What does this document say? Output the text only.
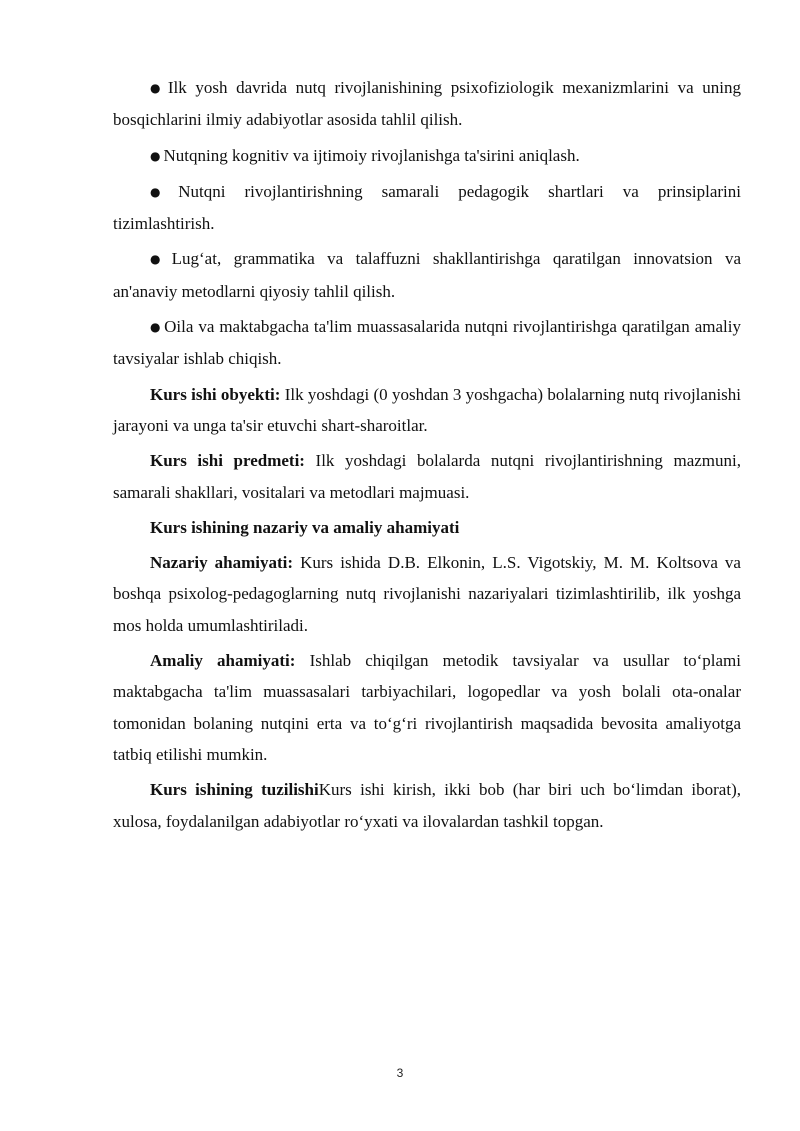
● Ilk yosh davrida nutq rivojlanishining psixofiziologik mexanizmlarini va uning bosqichlarini ilmiy adabiyotlar asosida tahlil qilish.

● Nutqning kognitiv va ijtimoiy rivojlanishga ta'sirini aniqlash.

● Nutqni rivojlantirishning samarali pedagogik shartlari va prinsiplarini tizimlashtirish.

● Lug‘at, grammatika va talaffuzni shakllantirishga qaratilgan innovatsion va an'anaviy metodlarni qiyosiy tahlil qilish.

● Oila va maktabgacha ta'lim muassasalarida nutqni rivojlantirishga qaratilgan amaliy tavsiyalar ishlab chiqish.

Kurs ishi obyekti: Ilk yoshdagi (0 yoshdan 3 yoshgacha) bolalarning nutq rivojlanishi jarayoni va unga ta'sir etuvchi shart-sharoitlar.

Kurs ishi predmeti: Ilk yoshdagi bolalarda nutqni rivojlantirishning mazmuni, samarali shakllari, vositalari va metodlari majmuasi.

Kurs ishining nazariy va amaliy ahamiyati

Nazariy ahamiyati: Kurs ishida D.B. Elkonin, L.S. Vigotskiy, M. M. Koltsova va boshqa psixolog-pedagoglarning nutq rivojlanishi nazariyalari tizimlashtirilib, ilk yoshga mos holda umumlashtiriladi.

Amaliy ahamiyati: Ishlab chiqilgan metodik tavsiyalar va usullar to‘plami maktabgacha ta'lim muassasalari tarbiyachilari, logopedlar va yosh bolali ota-onalar tomonidan bolaning nutqini erta va to‘g‘ri rivojlantirish maqsadida bevosita amaliyotga tatbiq etilishi mumkin.

Kurs ishining tuzilishiKurs ishi kirish, ikki bob (har biri uch bo‘limdan iborat), xulosa, foydalanilgan adabiyotlar ro‘yxati va ilovalardan tashkil topgan.

3
